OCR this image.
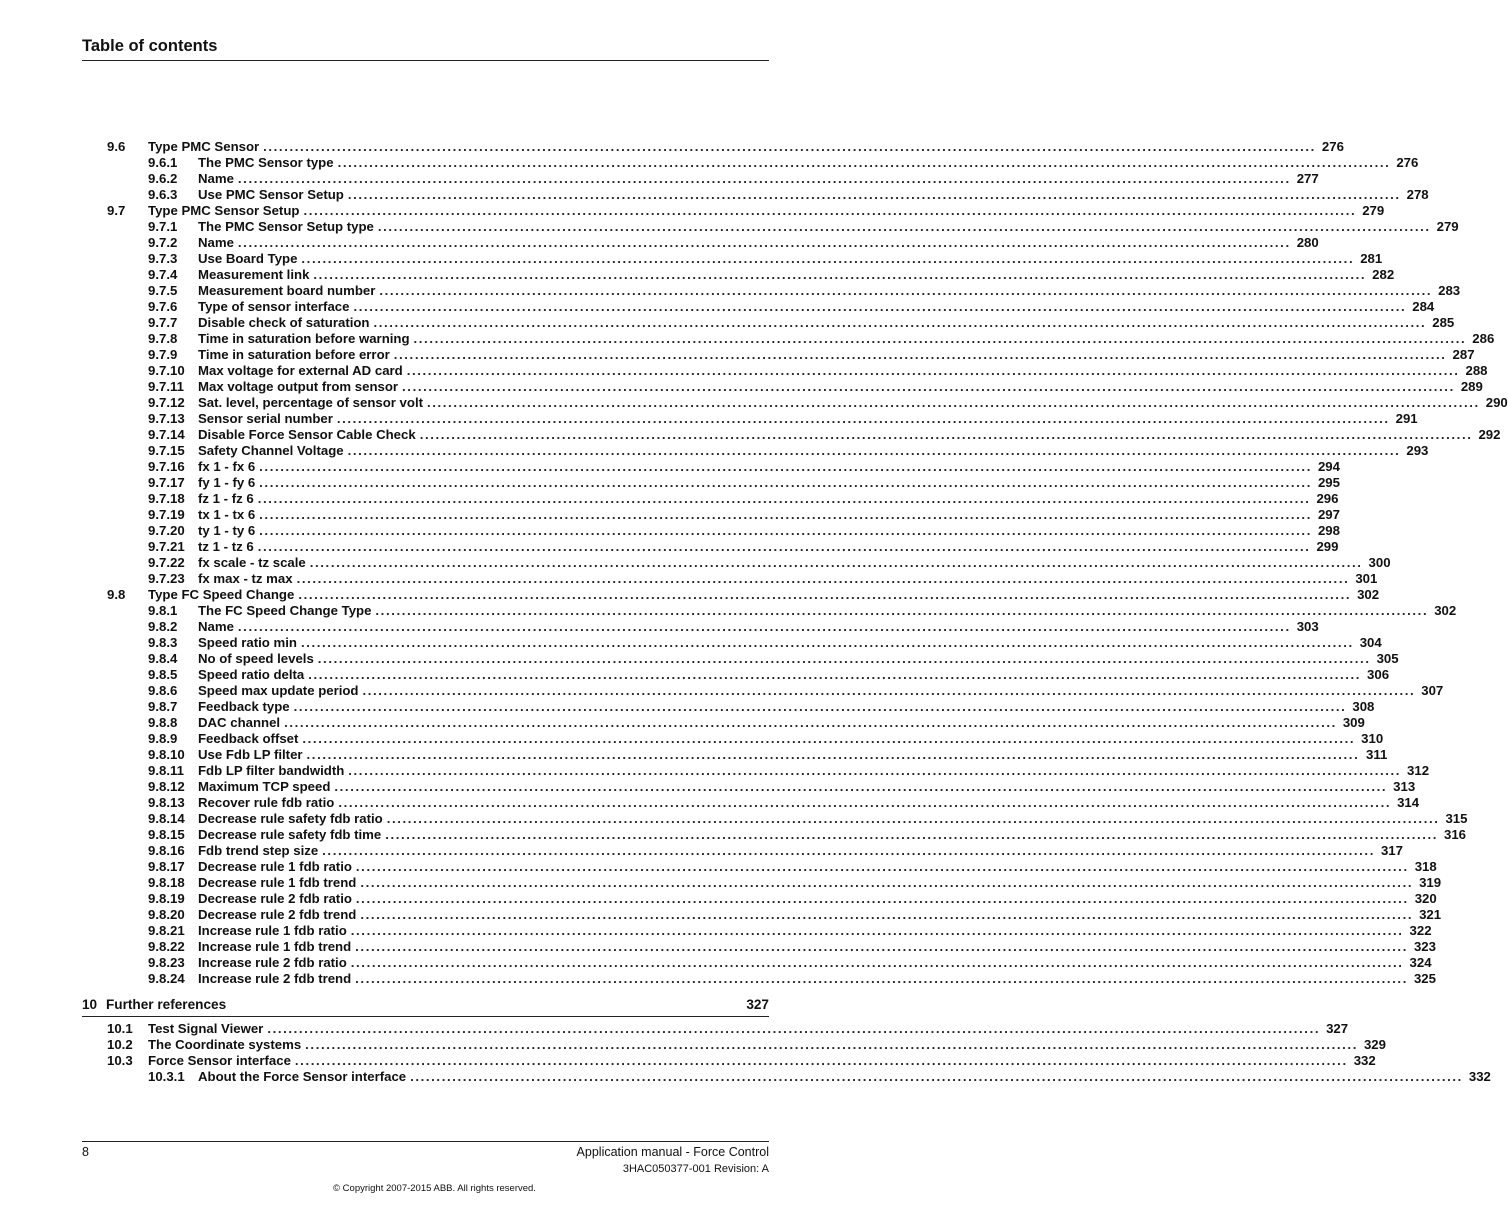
Table of contents
9.6 Type PMC Sensor ........................................................................................................................................................................................................ 276
9.6.1 The PMC Sensor type ........................................................................................................................................................................................................ 276
9.6.2 Name ........................................................................................................................................................................................................ 277
9.6.3 Use PMC Sensor Setup ........................................................................................................................................................................................................ 278
9.7 Type PMC Sensor Setup ........................................................................................................................................................................................................ 279
9.7.1 The PMC Sensor Setup type ........................................................................................................................................................................................................ 279
9.7.2 Name ........................................................................................................................................................................................................ 280
9.7.3 Use Board Type ........................................................................................................................................................................................................ 281
9.7.4 Measurement link ........................................................................................................................................................................................................ 282
9.7.5 Measurement board number ........................................................................................................................................................................................................ 283
9.7.6 Type of sensor interface ........................................................................................................................................................................................................ 284
9.7.7 Disable check of saturation ........................................................................................................................................................................................................ 285
9.7.8 Time in saturation before warning ........................................................................................................................................................................................................ 286
9.7.9 Time in saturation before error ........................................................................................................................................................................................................ 287
9.7.10 Max voltage for external AD card ........................................................................................................................................................................................................ 288
9.7.11 Max voltage output from sensor ........................................................................................................................................................................................................ 289
9.7.12 Sat. level, percentage of sensor volt ........................................................................................................................................................................................................ 290
9.7.13 Sensor serial number ........................................................................................................................................................................................................ 291
9.7.14 Disable Force Sensor Cable Check ........................................................................................................................................................................................................ 292
9.7.15 Safety Channel Voltage ........................................................................................................................................................................................................ 293
9.7.16 fx 1 - fx 6 ........................................................................................................................................................................................................ 294
9.7.17 fy 1 - fy 6 ........................................................................................................................................................................................................ 295
9.7.18 fz 1 - fz 6 ........................................................................................................................................................................................................ 296
9.7.19 tx 1 - tx 6 ........................................................................................................................................................................................................ 297
9.7.20 ty 1 - ty 6 ........................................................................................................................................................................................................ 298
9.7.21 tz 1 - tz 6 ........................................................................................................................................................................................................ 299
9.7.22 fx scale - tz scale ........................................................................................................................................................................................................ 300
9.7.23 fx max - tz max ........................................................................................................................................................................................................ 301
9.8 Type FC Speed Change ........................................................................................................................................................................................................ 302
9.8.1 The FC Speed Change Type ........................................................................................................................................................................................................ 302
9.8.2 Name ........................................................................................................................................................................................................ 303
9.8.3 Speed ratio min ........................................................................................................................................................................................................ 304
9.8.4 No of speed levels ........................................................................................................................................................................................................ 305
9.8.5 Speed ratio delta ........................................................................................................................................................................................................ 306
9.8.6 Speed max update period ........................................................................................................................................................................................................ 307
9.8.7 Feedback type ........................................................................................................................................................................................................ 308
9.8.8 DAC channel ........................................................................................................................................................................................................ 309
9.8.9 Feedback offset ........................................................................................................................................................................................................ 310
9.8.10 Use Fdb LP filter ........................................................................................................................................................................................................ 311
9.8.11 Fdb LP filter bandwidth ........................................................................................................................................................................................................ 312
9.8.12 Maximum TCP speed ........................................................................................................................................................................................................ 313
9.8.13 Recover rule fdb ratio ........................................................................................................................................................................................................ 314
9.8.14 Decrease rule safety fdb ratio ........................................................................................................................................................................................................ 315
9.8.15 Decrease rule safety fdb time ........................................................................................................................................................................................................ 316
9.8.16 Fdb trend step size ........................................................................................................................................................................................................ 317
9.8.17 Decrease rule 1 fdb ratio ........................................................................................................................................................................................................ 318
9.8.18 Decrease rule 1 fdb trend ........................................................................................................................................................................................................ 319
9.8.19 Decrease rule 2 fdb ratio ........................................................................................................................................................................................................ 320
9.8.20 Decrease rule 2 fdb trend ........................................................................................................................................................................................................ 321
9.8.21 Increase rule 1 fdb ratio ........................................................................................................................................................................................................ 322
9.8.22 Increase rule 1 fdb trend ........................................................................................................................................................................................................ 323
9.8.23 Increase rule 2 fdb ratio ........................................................................................................................................................................................................ 324
9.8.24 Increase rule 2 fdb trend ........................................................................................................................................................................................................ 325
10 Further references	327
10.1 Test Signal Viewer ........................................................................................................................................................................................................ 327
10.2 The Coordinate systems ........................................................................................................................................................................................................ 329
10.3 Force Sensor interface ........................................................................................................................................................................................................ 332
10.3.1 About the Force Sensor interface ........................................................................................................................................................................................................ 332
8	Application manual - Force Control
3HAC050377-001 Revision: A
© Copyright 2007-2015 ABB. All rights reserved.
